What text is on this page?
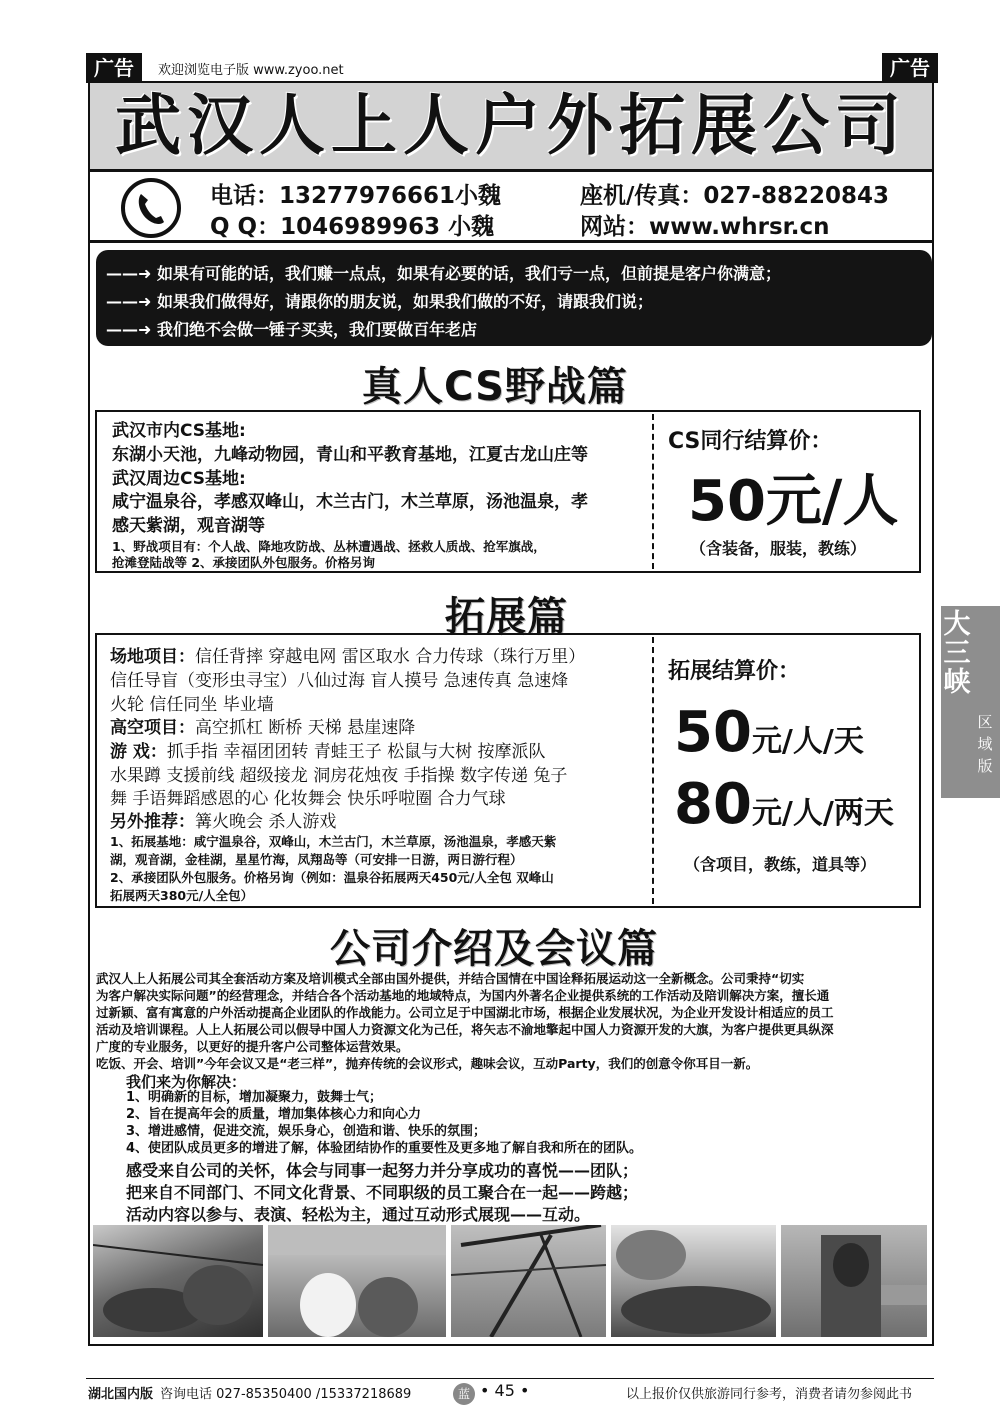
广告	欢迎浏览电子版 www.zyoo.net	广告
武汉人上人户外拓展公司
电话：13277976661小魏
Q Q：1046989963 小魏
座机/传真：027-88220843
网站：www.whrsr.cn
——➜ 如果有可能的话，我们赚一点点，如果有必要的话，我们亏一点，但前提是客户你满意；
——➜ 如果我们做得好，请跟你的朋友说，如果我们做的不好，请跟我们说；
——➜ 我们绝不会做一锤子买卖，我们要做百年老店
真人CS野战篇
武汉市内CS基地:
东湖小天池，九峰动物园，青山和平教育基地，江夏古龙山庄等
武汉周边CS基地:
咸宁温泉谷，孝感双峰山，木兰古门，木兰草原，汤池温泉，孝
感天紫湖，观音湖等
1、野战项目有：个人战、降地攻防战、丛林遭遇战、拯救人质战、抢军旗战，
抢滩登陆战等 2、承接团队外包服务。价格另询
CS同行结算价：
50元/人
（含装备，服装，教练）
拓展篇
场地项目：信任背摔 穿越电网 雷区取水 合力传球（珠行万里）
信任导盲（变形虫寻宝）八仙过海 盲人摸号 急速传真 急速烽
火轮 信任同坐 毕业墙
高空项目：高空抓杠 断桥 天梯 悬崖速降
游 戏：抓手指 幸福团团转 青蛙王子 松鼠与大树 按摩派队
水果蹲 支援前线 超级接龙 洞房花烛夜 手指操 数字传递 兔子
舞 手语舞蹈感恩的心 化妆舞会 快乐呼啦圈 合力气球
另外推荐：篝火晚会 杀人游戏
1、拓展基地：咸宁温泉谷，双峰山，木兰古门，木兰草原，汤池温泉，孝感天紫
湖，观音湖，金桂湖，星星竹海，凤翔岛等（可安排一日游，两日游行程）
2、承接团队外包服务。价格另询（例如：温泉谷拓展两天450元/人全包 双峰山
拓展两天380元/人全包）
拓展结算价：
50元/人/天
80元/人/两天
（含项目，教练，道具等）
公司介绍及会议篇
武汉人上人拓展公司其全套活动方案及培训模式全部由国外提供，并结合国情在中国诠释拓展运动这一全新概念。公司秉持“切实
为客户解决实际问题”的经营理念，并结合各个活动基地的地域特点，为国内外著名企业提供系统的工作活动及陪训解决方案，擅长通
过新颖、富有寓意的户外活动提高企业团队的作战能力。公司立足于中国湖北市场，根据企业发展状况，为企业开发设计相适应的员工
活动及培训课程。人上人拓展公司以假导中国人力资源文化为己任，将矢志不渝地擎起中国人力资源开发的大旗，为客户提供更具纵深
广度的专业服务，以更好的提升客户公司整体运营效果。
吃饭、开会、培训”今年会议又是“老三样”，抛弃传统的会议形式，趣味会议，互动Party，我们的创意令你耳目一新。
我们来为你解决：
1、明确新的目标，增加凝聚力，鼓舞士气；
2、旨在提高年会的质量，增加集体核心力和向心力
3、增进感情，促进交流，娱乐身心，创造和谐、快乐的氛围；
4、使团队成员更多的增进了解，体验团结协作的重要性及更多地了解自我和所在的团队。
感受来自公司的关怀，体会与同事一起努力并分享成功的喜悦——团队；
把来自不同部门、不同文化背景、不同职级的员工聚合在一起——跨越；
活动内容以参与、表演、轻松为主，通过互动形式展现——互动。
大三峡
区
域
版
湖北国内版 咨询电话 027-85350400 /15337218689	蓝 • 45 •	以上报价仅供旅游同行参考，消费者请勿参阅此书
